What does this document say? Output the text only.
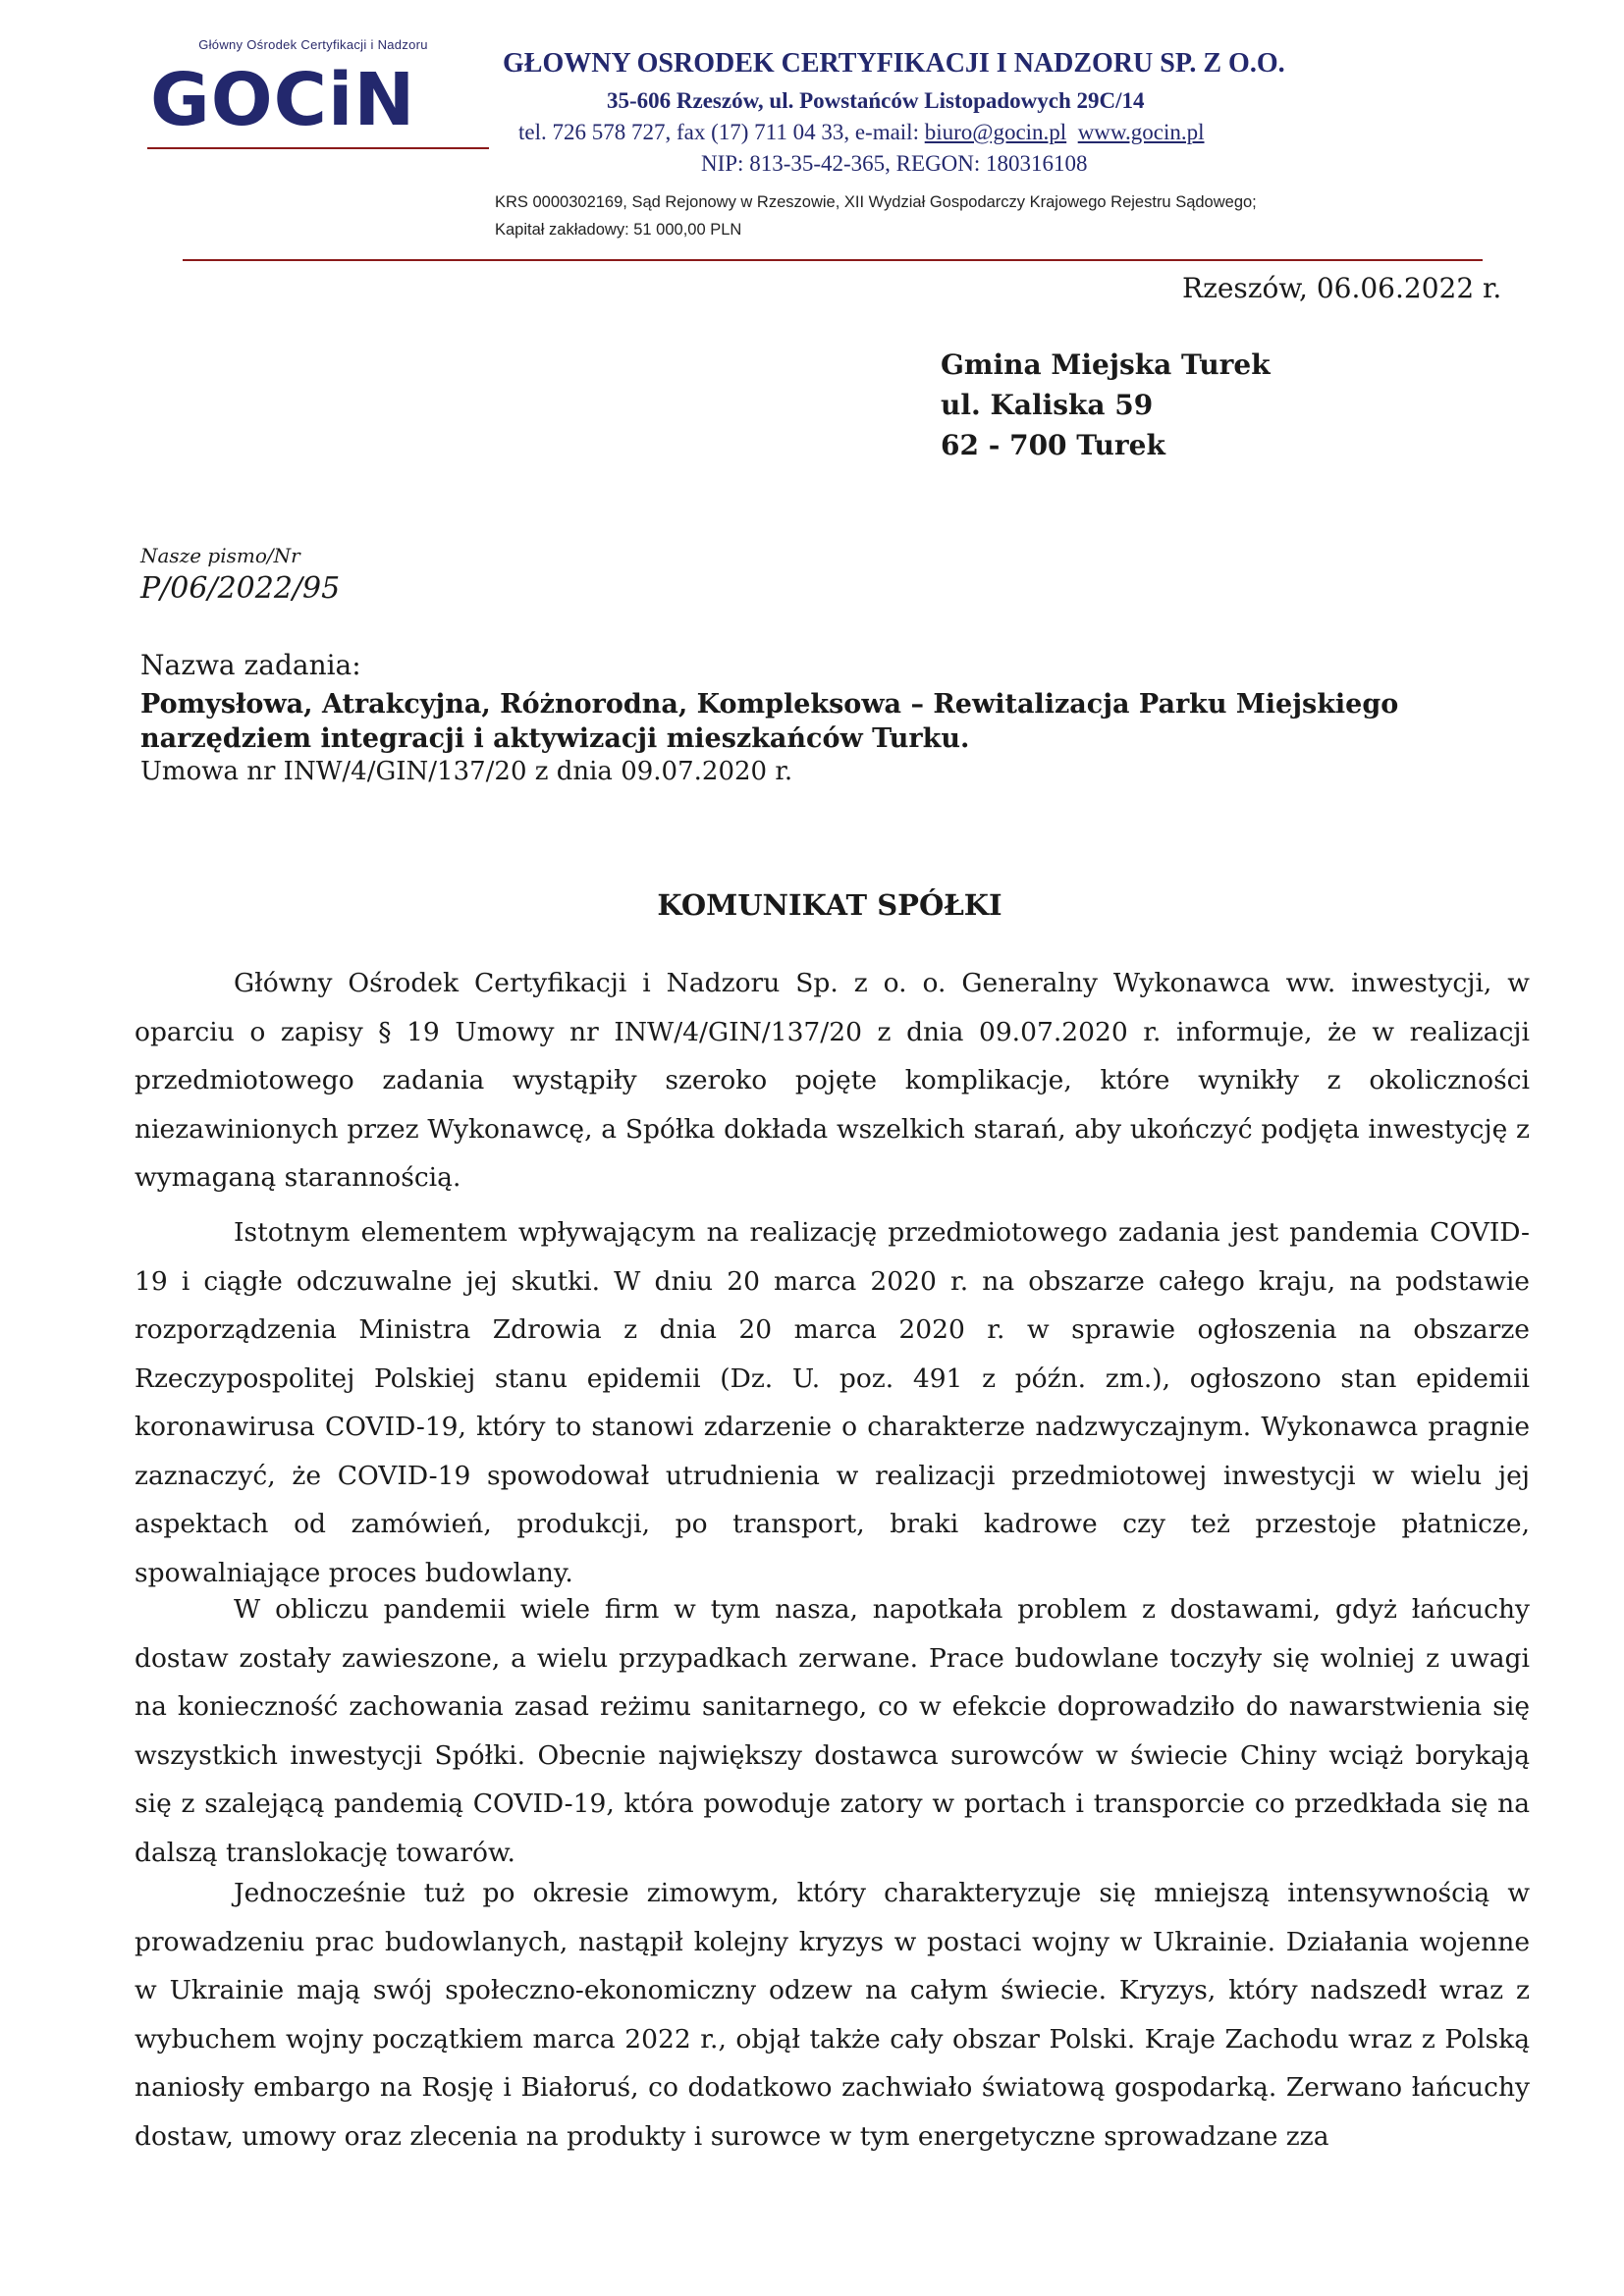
Główny Ośrodek Certyfikacji i Nadzoru
GOCiN	GŁOWNY OSRODEK CERTYFIKACJI I NADZORU SP. Z O.O.
35-606 Rzeszów, ul. Powstańców Listopadowych 29C/14
tel. 726 578 727, fax (17) 711 04 33, e-mail: biuro@gocin.pl www.gocin.pl
NIP: 813-35-42-365, REGON: 180316108
KRS 0000302169, Sąd Rejonowy w Rzeszowie, XII Wydział Gospodarczy Krajowego Rejestru Sądowego;
Kapitał zakładowy: 51 000,00 PLN
Rzeszów, 06.06.2022 r.
Gmina Miejska Turek
ul. Kaliska 59
62 - 700 Turek
Nasze pismo/Nr
P/06/2022/95
Nazwa zadania:
Pomysłowa, Atrakcyjna, Różnorodna, Kompleksowa – Rewitalizacja Parku Miejskiego
narzędziem integracji i aktywizacji mieszkańców Turku.
Umowa nr INW/4/GIN/137/20 z dnia 09.07.2020 r.
KOMUNIKAT SPÓŁKI

Główny Ośrodek Certyfikacji i Nadzoru Sp. z o. o. Generalny Wykonawca ww. inwestycji, w oparciu o zapisy § 19 Umowy nr INW/4/GIN/137/20 z dnia 09.07.2020 r. informuje, że w realizacji przedmiotowego zadania wystąpiły szeroko pojęte komplikacje, które wynikły z okoliczności niezawinionych przez Wykonawcę, a Spółka dokłada wszelkich starań, aby ukończyć podjęta inwestycję z wymaganą starannością.

Istotnym elementem wpływającym na realizację przedmiotowego zadania jest pandemia COVID-19 i ciągłe odczuwalne jej skutki. W dniu 20 marca 2020 r. na obszarze całego kraju, na podstawie rozporządzenia Ministra Zdrowia z dnia 20 marca 2020 r. w sprawie ogłoszenia na obszarze Rzeczypospolitej Polskiej stanu epidemii (Dz. U. poz. 491 z późn. zm.), ogłoszono stan epidemii koronawirusa COVID-19, który to stanowi zdarzenie o charakterze nadzwyczajnym. Wykonawca pragnie zaznaczyć, że COVID-19 spowodował utrudnienia w realizacji przedmiotowej inwestycji w wielu jej aspektach od zamówień, produkcji, po transport, braki kadrowe czy też przestoje płatnicze, spowalniające proces budowlany.

W obliczu pandemii wiele firm w tym nasza, napotkała problem z dostawami, gdyż łańcuchy dostaw zostały zawieszone, a wielu przypadkach zerwane. Prace budowlane toczyły się wolniej z uwagi na konieczność zachowania zasad reżimu sanitarnego, co w efekcie doprowadziło do nawarstwienia się wszystkich inwestycji Spółki. Obecnie największy dostawca surowców w świecie Chiny wciąż borykają się z szalejącą pandemią COVID-19, która powoduje zatory w portach i transporcie co przedkłada się na dalszą translokację towarów.

Jednocześnie tuż po okresie zimowym, który charakteryzuje się mniejszą intensywnością w prowadzeniu prac budowlanych, nastąpił kolejny kryzys w postaci wojny w Ukrainie. Działania wojenne w Ukrainie mają swój społeczno-ekonomiczny odzew na całym świecie. Kryzys, który nadszedł wraz z wybuchem wojny początkiem marca 2022 r., objął także cały obszar Polski. Kraje Zachodu wraz z Polską naniosły embargo na Rosję i Białoruś, co dodatkowo zachwiało światową gospodarką. Zerwano łańcuchy dostaw, umowy oraz zlecenia na produkty i surowce w tym energetyczne sprowadzane zza
